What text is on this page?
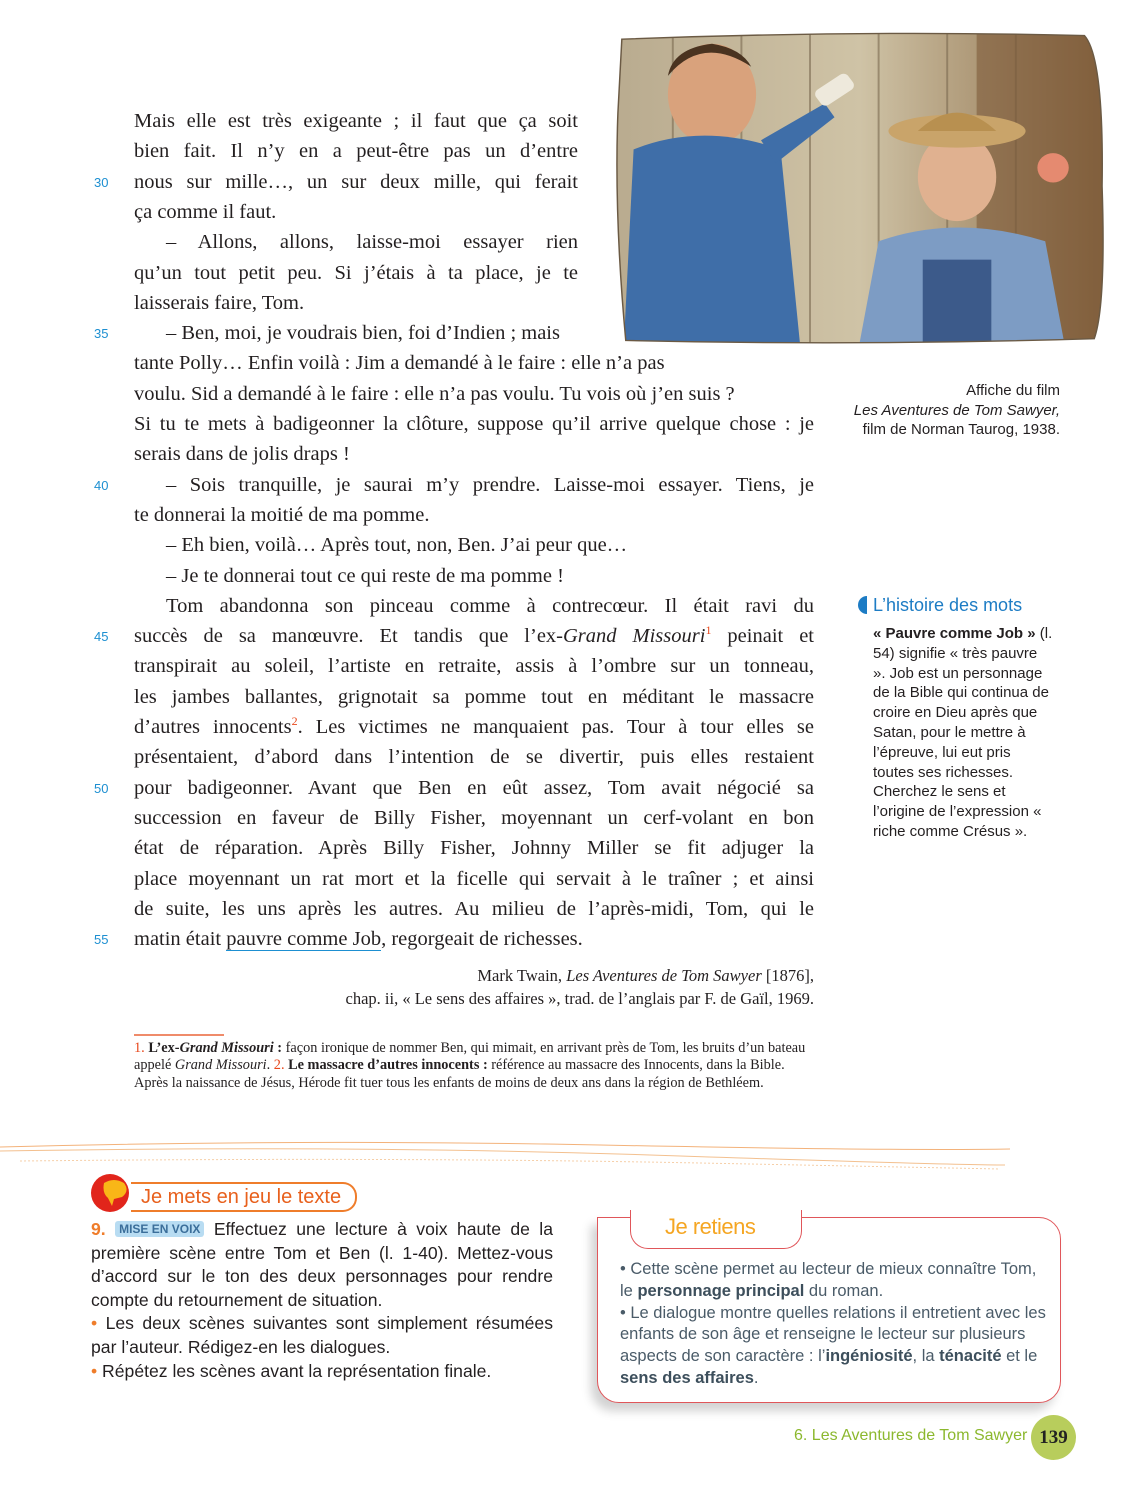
Mais elle est très exigeante ; il faut que ça soit
bien fait. Il n’y en a peut-être pas un d’entre
30 nous sur mille…, un sur deux mille, qui ferait
ça comme il faut.
– Allons, allons, laisse-moi essayer rien
qu’un tout petit peu. Si j’étais à ta place, je te
laisserais faire, Tom.
35	– Ben, moi, je voudrais bien, foi d’Indien ; mais
tante Polly… Enfin voilà : Jim a demandé à le faire : elle n’a pas
voulu. Sid a demandé à le faire : elle n’a pas voulu. Tu vois où j’en suis ?
Si tu te mets à badigeonner la clôture, suppose qu’il arrive quelque chose : je
serais dans de jolis draps !
40	– Sois tranquille, je saurai m’y prendre. Laisse-moi essayer. Tiens, je
te donnerai la moitié de ma pomme.
– Eh bien, voilà… Après tout, non, Ben. J’ai peur que…
– Je te donnerai tout ce qui reste de ma pomme !
Tom abandonna son pinceau comme à contrecœur. Il était ravi du
45 succès de sa manœuvre. Et tandis que l’ex-Grand Missouri$^1$ peinait et
transpirait au soleil, l’artiste en retraite, assis à l’ombre sur un tonneau,
les jambes ballantes, grignotait sa pomme tout en méditant le massacre
d’autres innocents$^2$. Les victimes ne manquaient pas. Tour à tour elles se
présentaient, d’abord dans l’intention de se divertir, puis elles restaient
50 pour badigeonner. Avant que Ben en eût assez, Tom avait négocié sa
succession en faveur de Billy Fisher, moyennant un cerf-volant en bon
état de réparation. Après Billy Fisher, Johnny Miller se fit adjuger la
place moyennant un rat mort et la ficelle qui servait à le traîner ; et ainsi
de suite, les uns après les autres. Au milieu de l’après-midi, Tom, qui le
55 matin était pauvre comme Job, regorgeait de richesses.
Affiche du film
Les Aventures de Tom Sawyer,
film de Norman Taurog, 1938.
Mark Twain, Les Aventures de Tom Sawyer [1876],
chap. ii, « Le sens des affaires », trad. de l’anglais par F. de Gaïl, 1969.
1. L’ex-Grand Missouri : façon ironique de nommer Ben, qui mimait, en arrivant près de Tom, les bruits d’un bateau appelé Grand Missouri. 2. Le massacre d’autres innocents : référence au massacre des Innocents, dans la Bible. Après la naissance de Jésus, Hérode fit tuer tous les enfants de moins de deux ans dans la région de Bethléem.
L’histoire des mots
« Pauvre comme Job » (l. 54) signifie « très pauvre ». Job est un personnage de la Bible qui continua de croire en Dieu après que Satan, pour le mettre à l’épreuve, lui eut pris toutes ses richesses. Cherchez le sens et l’origine de l’expression « riche comme Crésus ».
Je mets en jeu le texte
9. MISE EN VOIX Effectuez une lecture à voix haute de la première scène entre Tom et Ben (l. 1-40). Mettez-vous d’accord sur le ton des deux personnages pour rendre compte du retournement de situation.
• Les deux scènes suivantes sont simplement résumées par l’auteur. Rédigez-en les dialogues.
• Répétez les scènes avant la représentation finale.
Je retiens
• Cette scène permet au lecteur de mieux connaître Tom, le personnage principal du roman.
• Le dialogue montre quelles relations il entretient avec les enfants de son âge et renseigne le lecteur sur plusieurs aspects de son caractère : l’ingéniosité, la ténacité et le sens des affaires.
6. Les Aventures de Tom Sawyer 139
